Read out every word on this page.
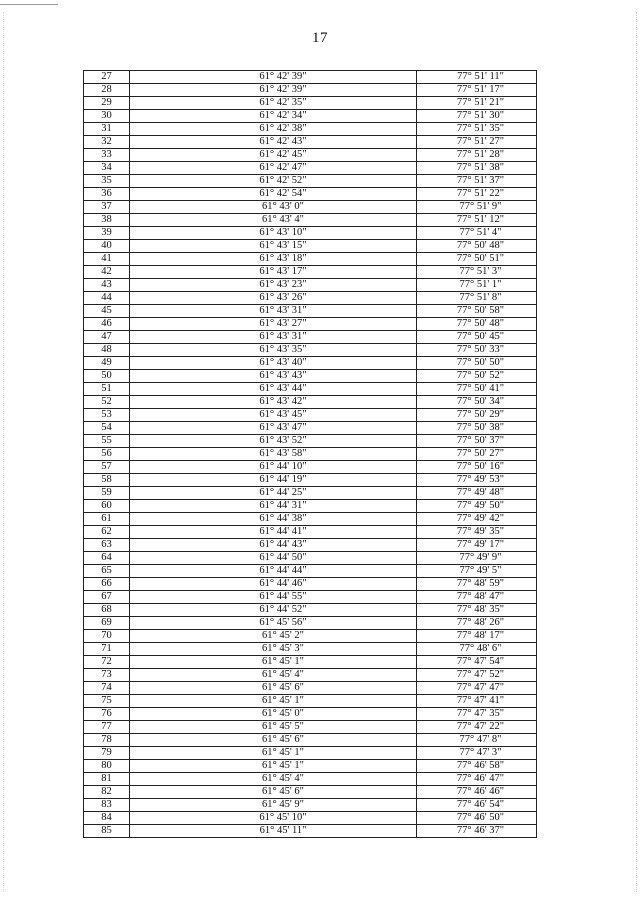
17
27	61° 42' 39"	77° 51' 11"
28	61° 42' 39"	77° 51' 17"
29	61° 42' 35"	77° 51' 21"
30	61° 42' 34"	77° 51' 30"
31	61° 42' 38"	77° 51' 35"
32	61° 42' 43"	77° 51' 27"
33	61° 42' 45"	77° 51' 28"
34	61° 42' 47"	77° 51' 38"
35	61° 42' 52"	77° 51' 37"
36	61° 42' 54"	77° 51' 22"
37	61° 43' 0"	77° 51' 9"
38	61° 43' 4"	77° 51' 12"
39	61° 43' 10"	77° 51' 4"
40	61° 43' 15"	77° 50' 48"
41	61° 43' 18"	77° 50' 51"
42	61° 43' 17"	77° 51' 3"
43	61° 43' 23"	77° 51' 1"
44	61° 43' 26"	77° 51' 8"
45	61° 43' 31"	77° 50' 58"
46	61° 43' 27"	77° 50' 48"
47	61° 43' 31"	77° 50' 45"
48	61° 43' 35"	77° 50' 33"
49	61° 43' 40"	77° 50' 50"
50	61° 43' 43"	77° 50' 52"
51	61° 43' 44"	77° 50' 41"
52	61° 43' 42"	77° 50' 34"
53	61° 43' 45"	77° 50' 29"
54	61° 43' 47"	77° 50' 38"
55	61° 43' 52"	77° 50' 37"
56	61° 43' 58"	77° 50' 27"
57	61° 44' 10"	77° 50' 16"
58	61° 44' 19"	77° 49' 53"
59	61° 44' 25"	77° 49' 48"
60	61° 44' 31"	77° 49' 50"
61	61° 44' 38"	77° 49' 42"
62	61° 44' 41"	77° 49' 35"
63	61° 44' 43"	77° 49' 17"
64	61° 44' 50"	77° 49' 9"
65	61° 44' 44"	77° 49' 5"
66	61° 44' 46"	77° 48' 59"
67	61° 44' 55"	77° 48' 47"
68	61° 44' 52"	77° 48' 35"
69	61° 45' 56"	77° 48' 26"
70	61° 45' 2"	77° 48' 17"
71	61° 45' 3"	77° 48' 6"
72	61° 45' 1"	77° 47' 54"
73	61° 45' 4"	77° 47' 52"
74	61° 45' 6"	77° 47' 47"
75	61° 45' 1"	77° 47' 41"
76	61° 45' 0"	77° 47' 35"
77	61° 45' 5"	77° 47' 22"
78	61° 45' 6"	77° 47' 8"
79	61° 45' 1"	77° 47' 3"
80	61° 45' 1"	77° 46' 58"
81	61° 45' 4"	77° 46' 47"
82	61° 45' 6"	77° 46' 46"
83	61° 45' 9"	77° 46' 54"
84	61° 45' 10"	77° 46' 50"
85	61° 45' 11"	77° 46' 37"
